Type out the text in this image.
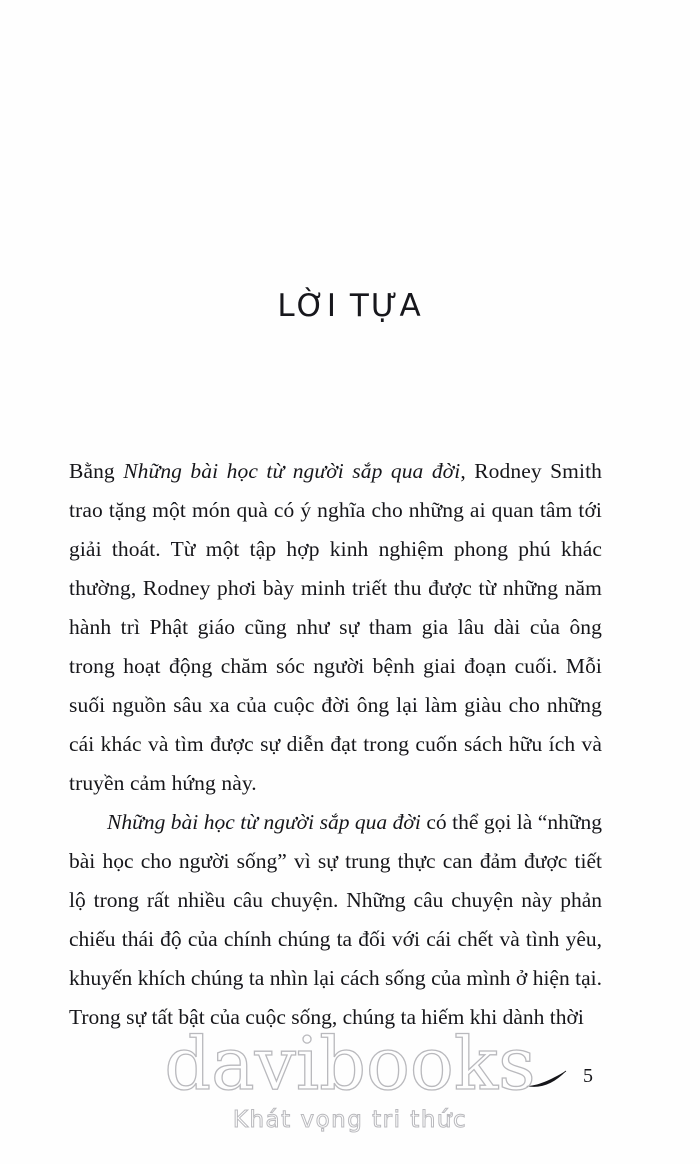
LỜI TỰA

Bằng Những bài học từ người sắp qua đời, Rodney Smith trao tặng một món quà có ý nghĩa cho những ai quan tâm tới giải thoát. Từ một tập hợp kinh nghiệm phong phú khác thường, Rodney phơi bày minh triết thu được từ những năm hành trì Phật giáo cũng như sự tham gia lâu dài của ông trong hoạt động chăm sóc người bệnh giai đoạn cuối. Mỗi suối nguồn sâu xa của cuộc đời ông lại làm giàu cho những cái khác và tìm được sự diễn đạt trong cuốn sách hữu ích và truyền cảm hứng này.

Những bài học từ người sắp qua đời có thể gọi là “những bài học cho người sống” vì sự trung thực can đảm được tiết lộ trong rất nhiều câu chuyện. Những câu chuyện này phản chiếu thái độ của chính chúng ta đối với cái chết và tình yêu, khuyến khích chúng ta nhìn lại cách sống của mình ở hiện tại. Trong sự tất bật của cuộc sống, chúng ta hiếm khi dành thời

5
davibooks
Khát vọng tri thức
